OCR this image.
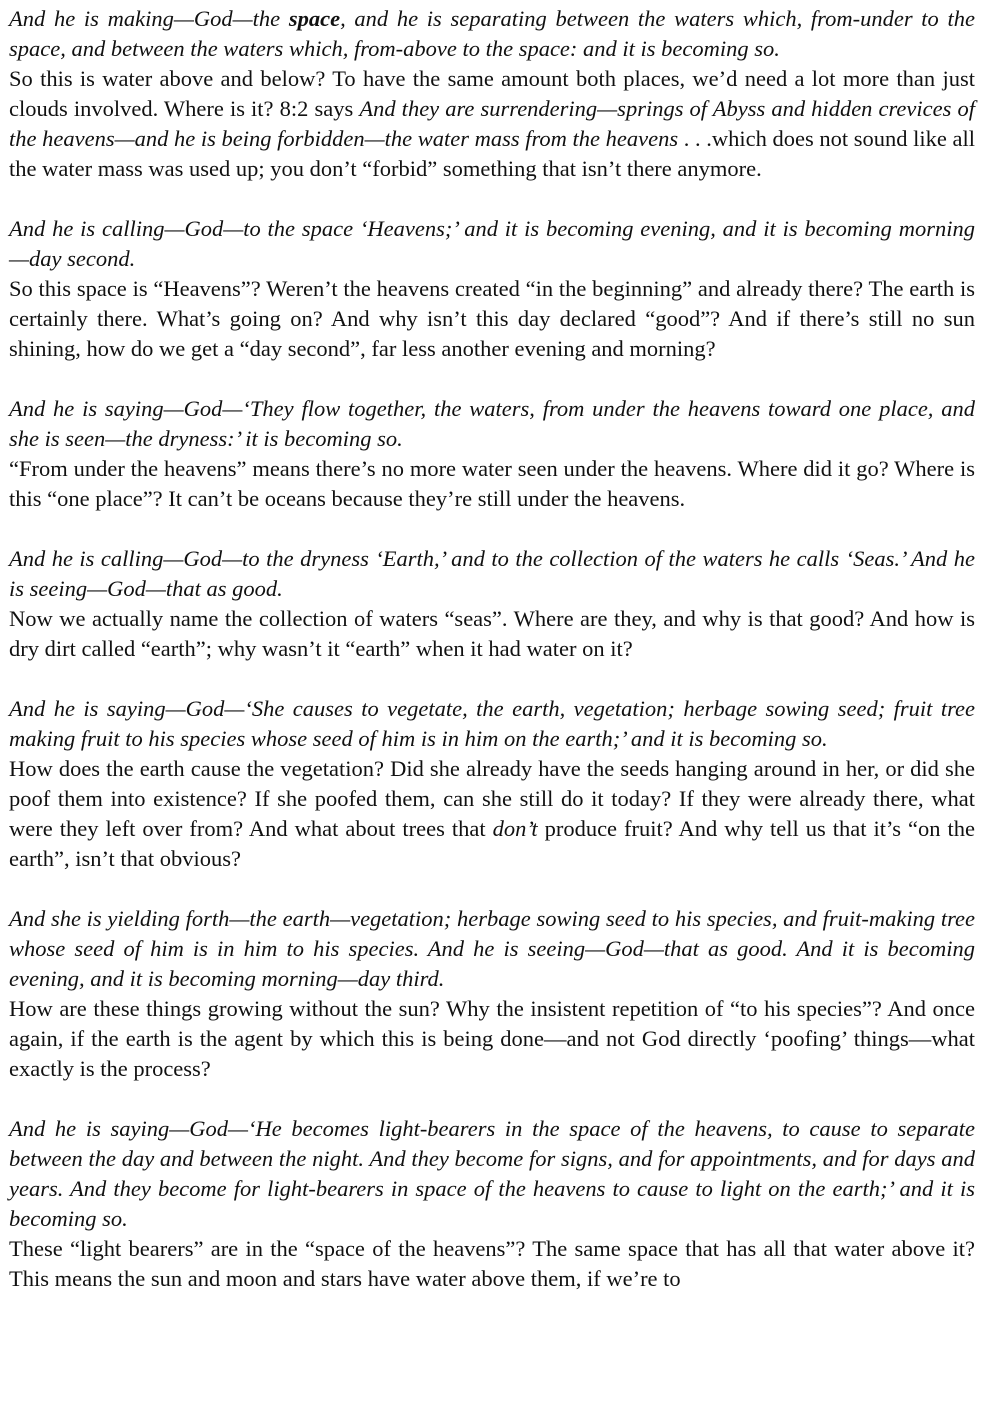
And he is making—God—the space, and he is separating between the waters which, from-under to the space, and between the waters which, from-above to the space: and it is becoming so.

So this is water above and below? To have the same amount both places, we’d need a lot more than just clouds involved. Where is it? 8:2 says And they are surrendering—springs of Abyss and hidden crevices of the heavens—and he is being forbidden—the water mass from the heavens . . .which does not sound like all the water mass was used up; you don’t “forbid” something that isn’t there anymore.

And he is calling—God—to the space ‘Heavens;’ and it is becoming evening, and it is becoming morning—day second.

So this space is “Heavens”? Weren’t the heavens created “in the beginning” and already there? The earth is certainly there. What’s going on? And why isn’t this day declared “good”? And if there’s still no sun shining, how do we get a “day second”, far less another evening and morning?

And he is saying—God—‘They flow together, the waters, from under the heavens toward one place, and she is seen—the dryness:’ it is becoming so.

“From under the heavens” means there’s no more water seen under the heavens. Where did it go? Where is this “one place”? It can’t be oceans because they’re still under the heavens.

And he is calling—God—to the dryness ‘Earth,’ and to the collection of the waters he calls ‘Seas.’ And he is seeing—God—that as good.

Now we actually name the collection of waters “seas”. Where are they, and why is that good? And how is dry dirt called “earth”; why wasn’t it “earth” when it had water on it?

And he is saying—God—‘She causes to vegetate, the earth, vegetation; herbage sowing seed; fruit tree making fruit to his species whose seed of him is in him on the earth;’ and it is becoming so.

How does the earth cause the vegetation? Did she already have the seeds hanging around in her, or did she poof them into existence? If she poofed them, can she still do it today? If they were already there, what were they left over from? And what about trees that don’t produce fruit? And why tell us that it’s “on the earth”, isn’t that obvious?

And she is yielding forth—the earth—vegetation; herbage sowing seed to his species, and fruit-making tree whose seed of him is in him to his species. And he is seeing—God—that as good. And it is becoming evening, and it is becoming morning—day third.

How are these things growing without the sun? Why the insistent repetition of “to his species”? And once again, if the earth is the agent by which this is being done—and not God directly ‘poofing’ things—what exactly is the process?

And he is saying—God—‘He becomes light-bearers in the space of the heavens, to cause to separate between the day and between the night. And they become for signs, and for appointments, and for days and years. And they become for light-bearers in space of the heavens to cause to light on the earth;’ and it is becoming so.

These “light bearers” are in the “space of the heavens”? The same space that has all that water above it? This means the sun and moon and stars have water above them, if we’re to
